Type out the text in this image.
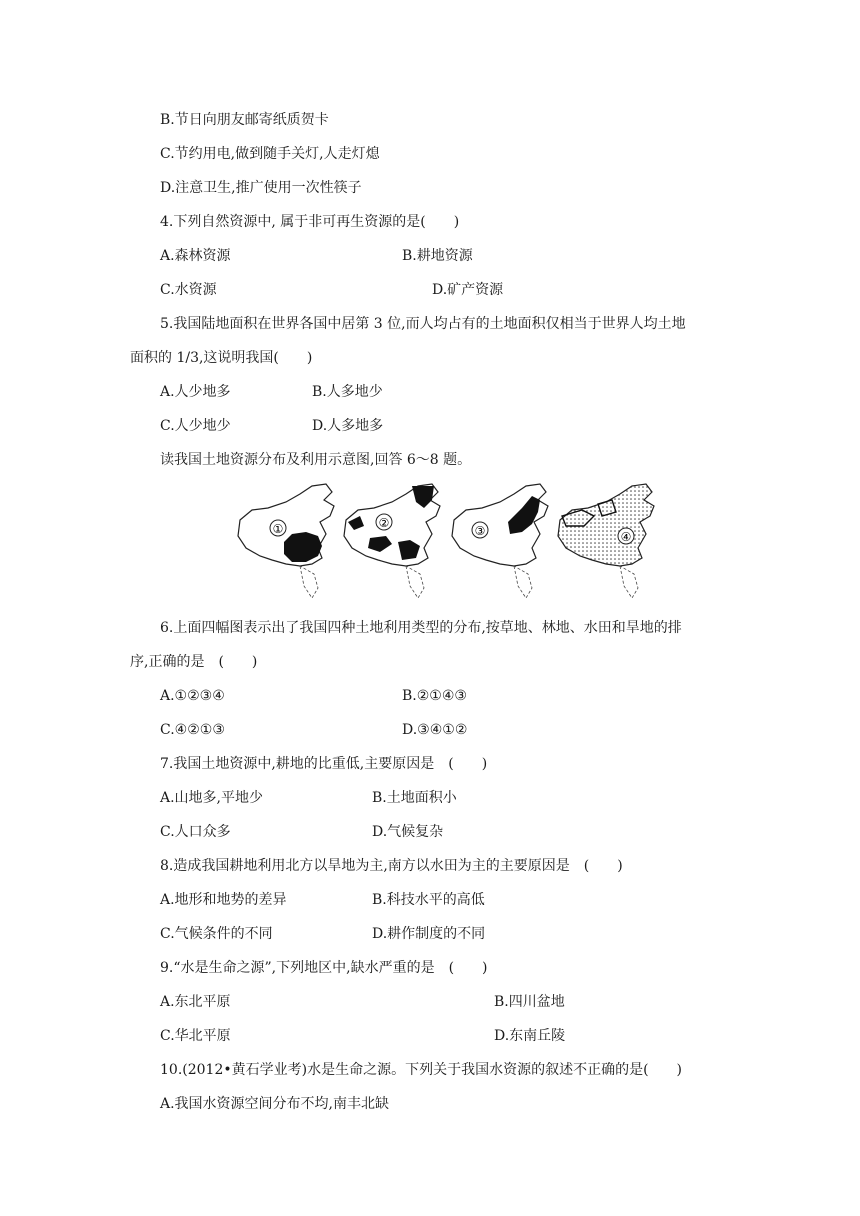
B.节日向朋友邮寄纸质贺卡
C.节约用电,做到随手关灯,人走灯熄
D.注意卫生,推广使用一次性筷子
4.下列自然资源中, 属于非可再生资源的是(　　)
A.森林资源	B.耕地资源
C.水资源	D.矿产资源
5.我国陆地面积在世界各国中居第 3 位,而人均占有的土地面积仅相当于世界人均土地
面积的 1/3,这说明我国(　　)
A.人少地多	B.人多地少
C.人少地少	D.人多地多
读我国土地资源分布及利用示意图,回答 6～8 题。
①	②
③	④
6.上面四幅图表示出了我国四种土地利用类型的分布,按草地、林地、水田和旱地的排
序,正确的是　(　　)
A.①②③④	B.②①④③
C.④②①③	D.③④①②
7.我国土地资源中,耕地的比重低,主要原因是　(　　)
A.山地多,平地少	B.土地面积小
C.人口众多	D.气候复杂
8.造成我国耕地利用北方以旱地为主,南方以水田为主的主要原因是　(　　)
A.地形和地势的差异	B.科技水平的高低
C.气候条件的不同	D.耕作制度的不同
9.“水是生命之源”,下列地区中,缺水严重的是　(　　)
A.东北平原	B.四川盆地
C.华北平原	D.东南丘陵
10.(2012•黄石学业考)水是生命之源。下列关于我国水资源的叙述不正确的是(　　)
A.我国水资源空间分布不均,南丰北缺
